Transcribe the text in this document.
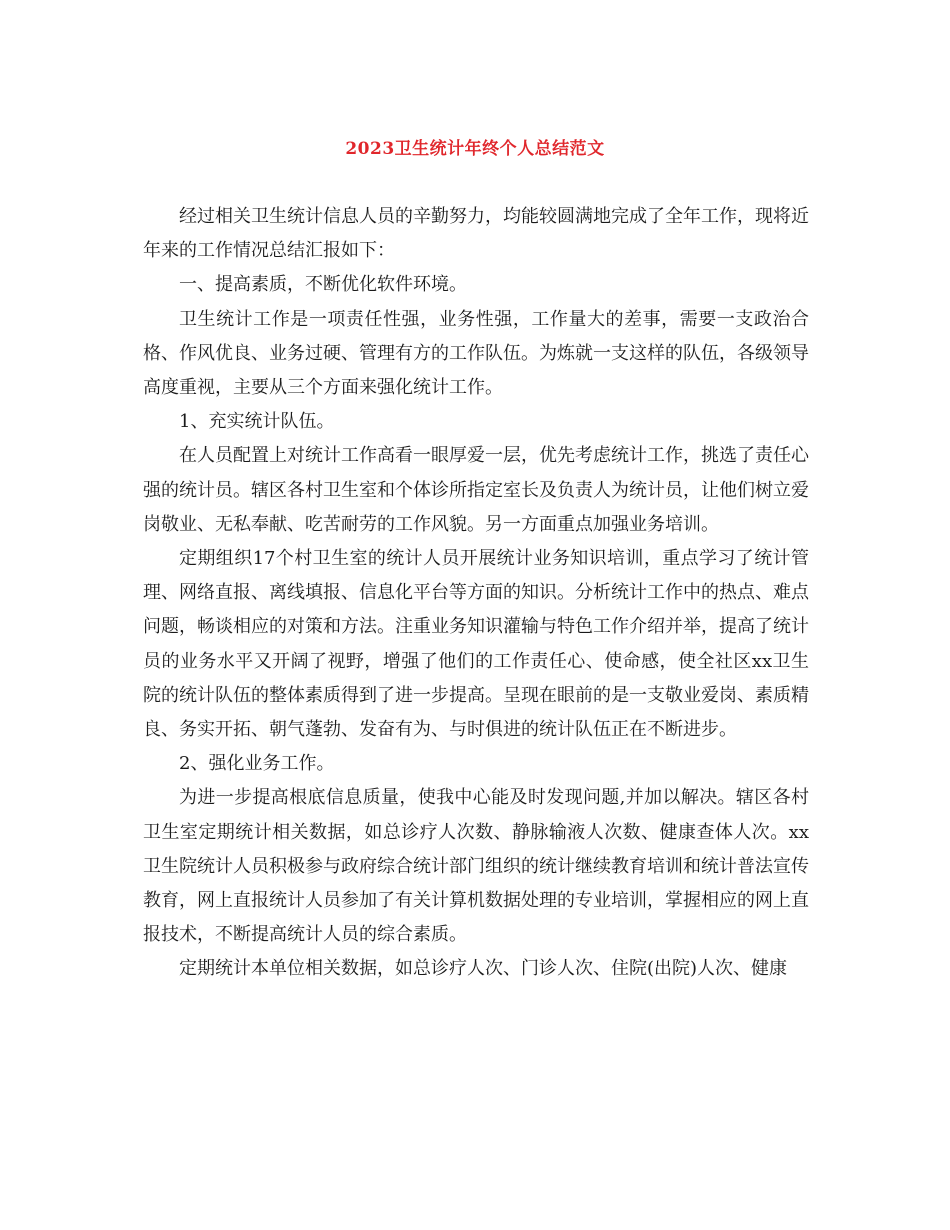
2023卫生统计年终个人总结范文

经过相关卫生统计信息人员的辛勤努力，均能较圆满地完成了全年工作，现将近年来的工作情况总结汇报如下：

一、提高素质，不断优化软件环境。

卫生统计工作是一项责任性强，业务性强，工作量大的差事，需要一支政治合格、作风优良、业务过硬、管理有方的工作队伍。为炼就一支这样的队伍，各级领导高度重视，主要从三个方面来强化统计工作。

1、充实统计队伍。

在人员配置上对统计工作高看一眼厚爱一层，优先考虑统计工作，挑选了责任心强的统计员。辖区各村卫生室和个体诊所指定室长及负责人为统计员，让他们树立爱岗敬业、无私奉献、吃苦耐劳的工作风貌。另一方面重点加强业务培训。

定期组织17个村卫生室的统计人员开展统计业务知识培训，重点学习了统计管理、网络直报、离线填报、信息化平台等方面的知识。分析统计工作中的热点、难点问题，畅谈相应的对策和方法。注重业务知识灌输与特色工作介绍并举，提高了统计员的业务水平又开阔了视野，增强了他们的工作责任心、使命感，使全社区xx卫生院的统计队伍的整体素质得到了进一步提高。呈现在眼前的是一支敬业爱岗、素质精良、务实开拓、朝气蓬勃、发奋有为、与时俱进的统计队伍正在不断进步。

2、强化业务工作。

为进一步提高根底信息质量，使我中心能及时发现问题,并加以解决。辖区各村卫生室定期统计相关数据，如总诊疗人次数、静脉输液人次数、健康查体人次。xx卫生院统计人员积极参与政府综合统计部门组织的统计继续教育培训和统计普法宣传教育，网上直报统计人员参加了有关计算机数据处理的专业培训，掌握相应的网上直报技术，不断提高统计人员的综合素质。

定期统计本单位相关数据，如总诊疗人次、门诊人次、住院(出院)人次、健康
